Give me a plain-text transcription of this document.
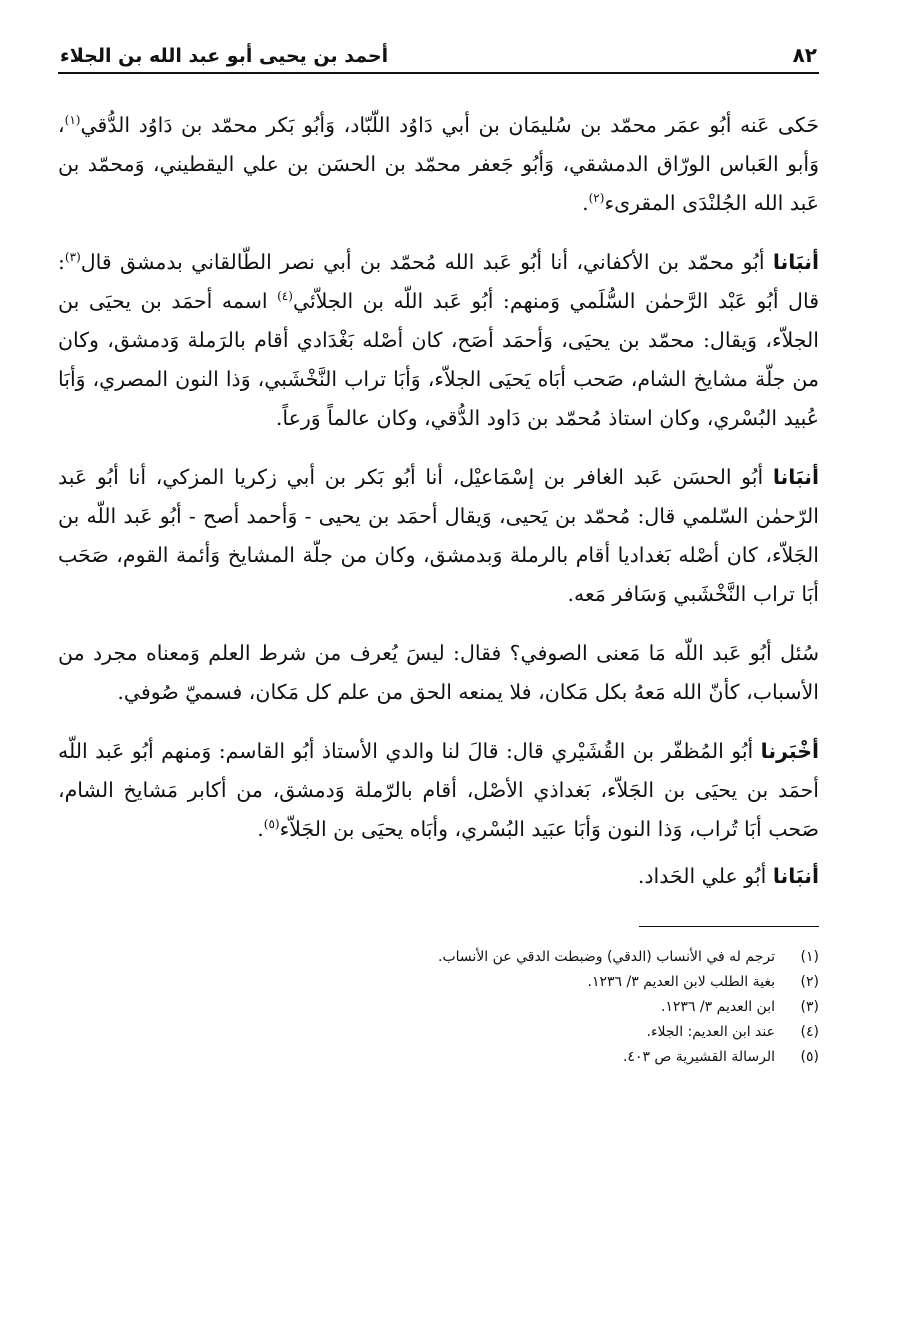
٨٢
أحمد بن يحيى أبو عبد الله بن الجلاء

حَكى عَنه أبُو عمَر محمّد بن سُليمَان بن أبي دَاوُد اللّبّاد، وَأبُو بَكر محمّد بن دَاوُد الدُّقي$^{(١)}$، وَأبو العَباس الورّاق الدمشقي، وَأبُو جَعفر محمّد بن الحسَن بن علي اليقطيني، وَمحمّد بن عَبد الله الجُلنْدَى المقرىء$^{(٢)}$.

أنبَانا أبُو محمّد بن الأكفاني، أنا أبُو عَبد الله مُحمّد بن أبي نصر الطّالقاني بدمشق قال$^{(٣)}$: قال أبُو عَبْد الرَّحمٰن السُّلَمي وَمنهم: أبُو عَبد اللّه بن الجلاّئي$^{(٤)}$ اسمه أحمَد بن يحيَى بن الجلاّء، وَيقال: محمّد بن يحيَى، وَأحمَد أصَح، كان أصْله بَغْدَادي أقام بالرَملة وَدمشق، وكان من جلّة مشايخ الشام، صَحب أبَاه يَحيَى الجلاّء، وَأبَا تراب النَّخْشَبي، وَذا النون المصري، وَأبَا عُبيد البُسْري، وكان استاذ مُحمّد بن دَاود الدُّقي، وكان عالماً وَرعاً.

أنبَانا أبُو الحسَن عَبد الغافر بن إسْمَاعيْل، أنا أبُو بَكر بن أبي زكريا المزكي، أنا أبُو عَبد الرّحمٰن السّلمي قال: مُحمّد بن يَحيى، وَيقال أحمَد بن يحيى - وَأحمد أصح - أبُو عَبد اللّه بن الجَلاّء، كان أصْله بَغداديا أقام بالرملة وَبدمشق، وكان من جلّة المشايخ وَأئمة القوم، صَحَب أبَا تراب النَّخْشَبي وَسَافر مَعه.

سُئل أبُو عَبد اللّه مَا مَعنى الصوفي؟ فقال: ليسَ يُعرف من شرط العلم وَمعناه مجرد من الأسباب، كأنّ الله مَعهُ بكل مَكان، فلا يمنعه الحق من علم كل مَكان، فسميّ صُوفي.

أخْبَرنا أبُو المُظفّر بن القُشَيْري قال: قالَ لنا والدي الأستاذ أبُو القاسم: وَمنهم أبُو عَبد اللّه أحمَد بن يحيَى بن الجَلاّء، بَغداذي الأصْل، أقام بالرّملة وَدمشق، من أكابر مَشايخ الشام، صَحب أبَا تُراب، وَذا النون وَأبَا عبَيد البُسْري، وأبَاه يحيَى بن الجَلاّء$^{(٥)}$.

أنبَانا أبُو علي الحَداد.

(١)
ترجم له في الأنساب (الدقي) وضبطت الدقي عن الأنساب.
(٢)
بغية الطلب لابن العديم ٣/ ١٢٣٦.
(٣)
ابن العديم ٣/ ١٢٣٦.
(٤)
عند ابن العديم: الجلاء.
(٥)
الرسالة القشيرية ص ٤٠٣.
